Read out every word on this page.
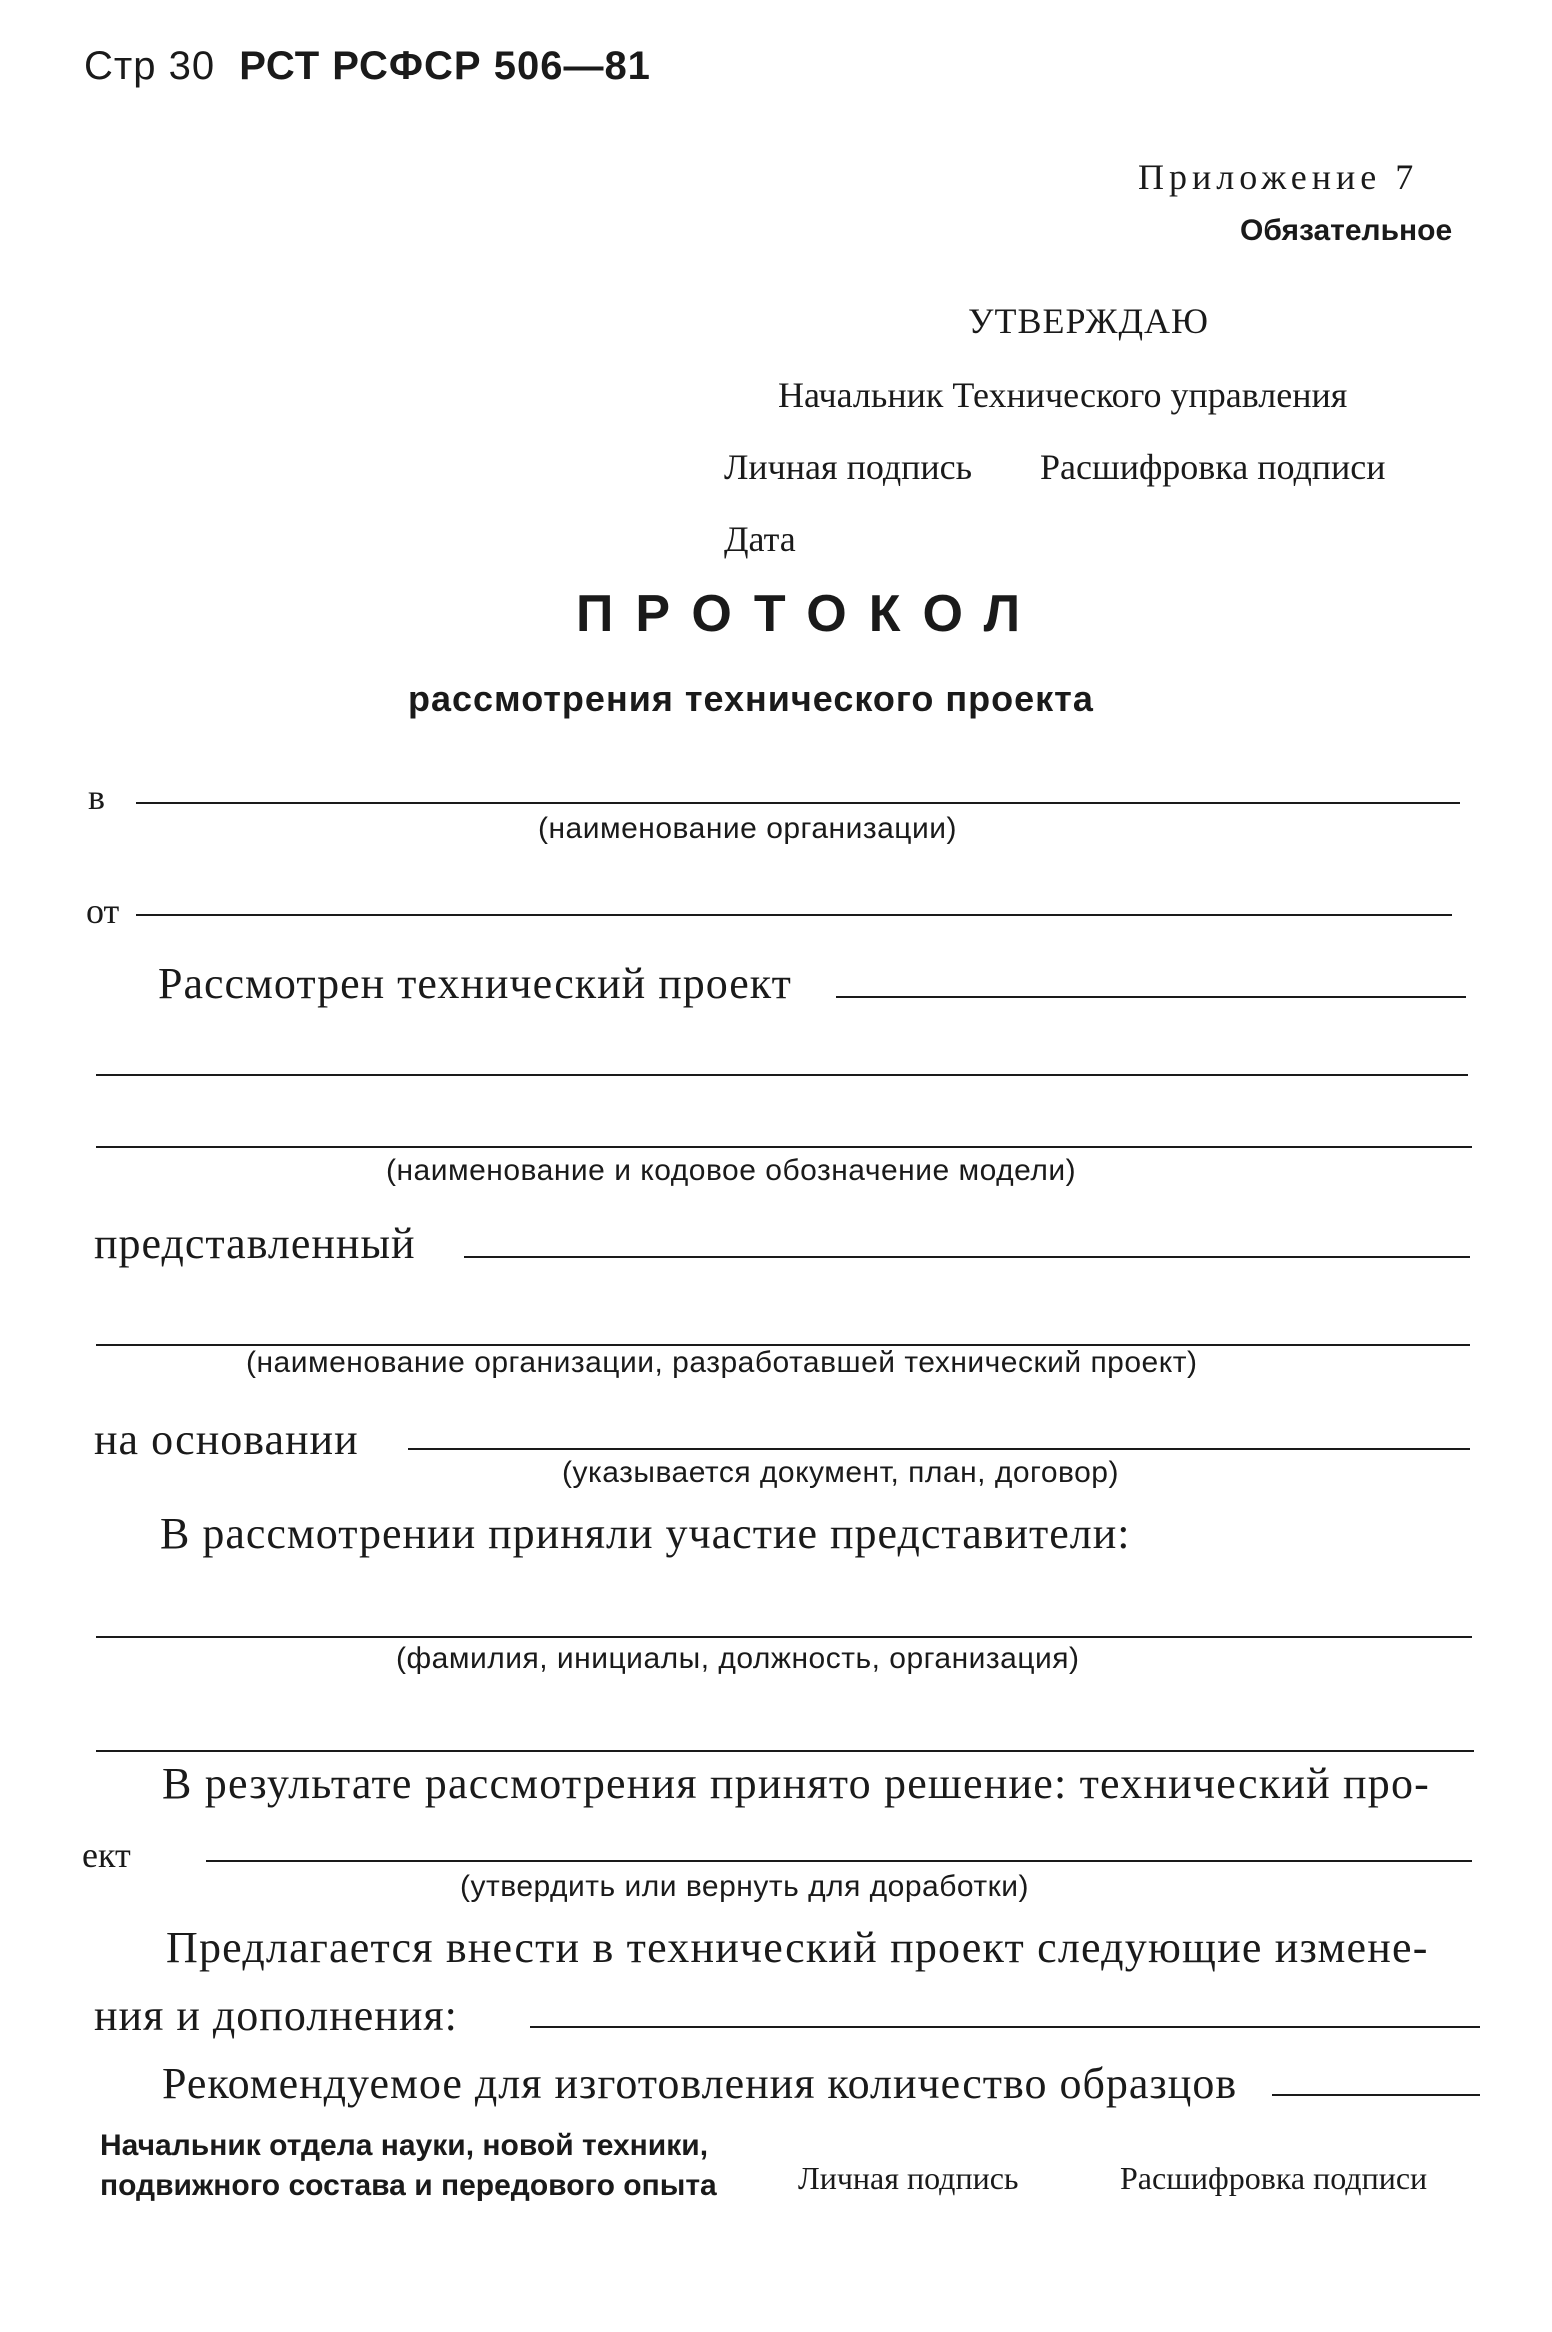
Стр 30 РСТ РСФСР 506—81
Приложение 7
Обязательное
УТВЕРЖДАЮ
Начальник Технического управления
Личная подпись Расшифровка подписи
Дата
ПРОТОКОЛ
рассмотрения технического проекта
в
(наименование организации)
от
Рассмотрен технический проект
(наименование и кодовое обозначение модели)
представленный
(наименование организации, разработавшей технический проект)
на основании
(указывается документ, план, договор)
В рассмотрении приняли участие представители:
(фамилия, инициалы, должность, организация)
В результате рассмотрения принято решение: технический про-
ект
(утвердить или вернуть для доработки)
Предлагается внести в технический проект следующие измене-
ния и дополнения:
Рекомендуемое для изготовления количество образцов
Начальник отдела науки, новой техники,
подвижного состава и передового опыта	Личная подпись	Расшифровка подписи
